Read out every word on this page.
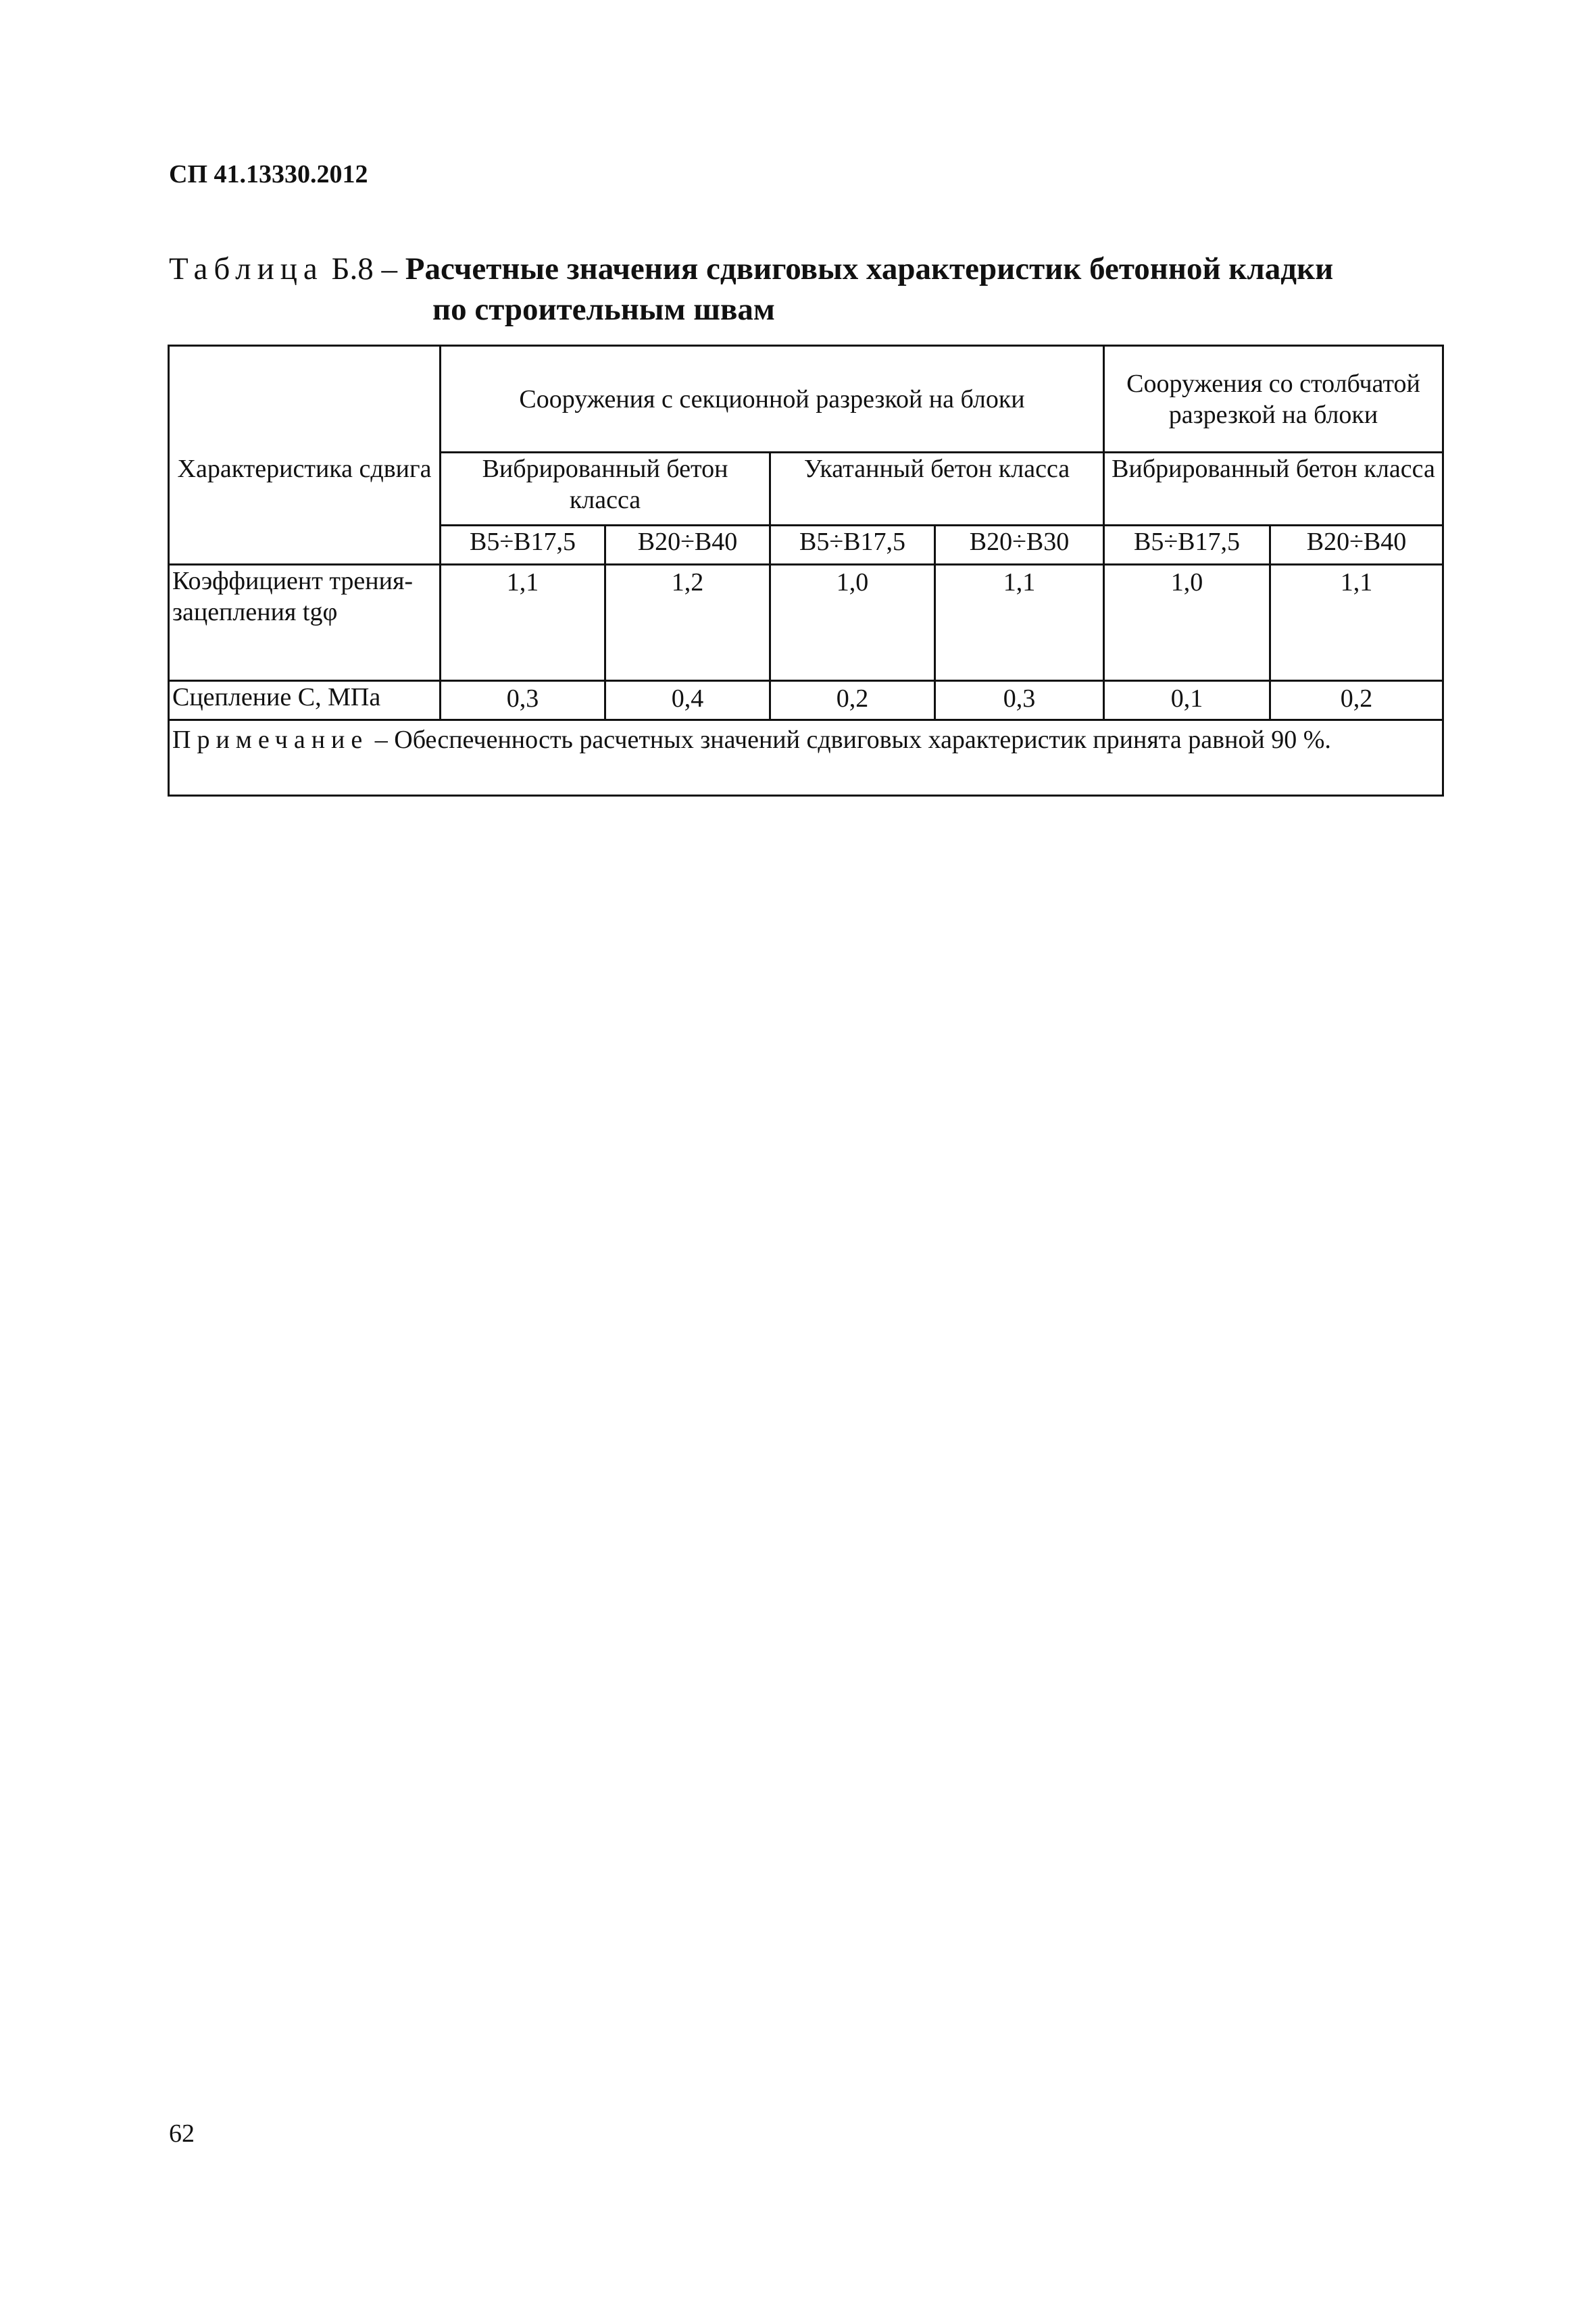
СП 41.13330.2012
Таблица Б.8 – Расчетные значения сдвиговых характеристик бетонной кладки
по строительным швам
Характеристика сдвига	Сооружения с секционной разрезкой на блоки				Сооружения со столбчатой разрезкой на блоки	
	Вибрированный бетон класса		Укатанный бетон класса		Вибрированный бетон класса	
	B5÷B17,5	B20÷B40	B5÷B17,5	B20÷B30	B5÷B17,5	B20÷B40
Коэффициент трения-зацепления tgφ	1,1	1,2	1,0	1,1	1,0	1,1
Сцепление C, МПа	0,3	0,4	0,2	0,3	0,1	0,2
Примечание – Обеспеченность расчетных значений сдвиговых характеристик принята равной 90 %.						
62
